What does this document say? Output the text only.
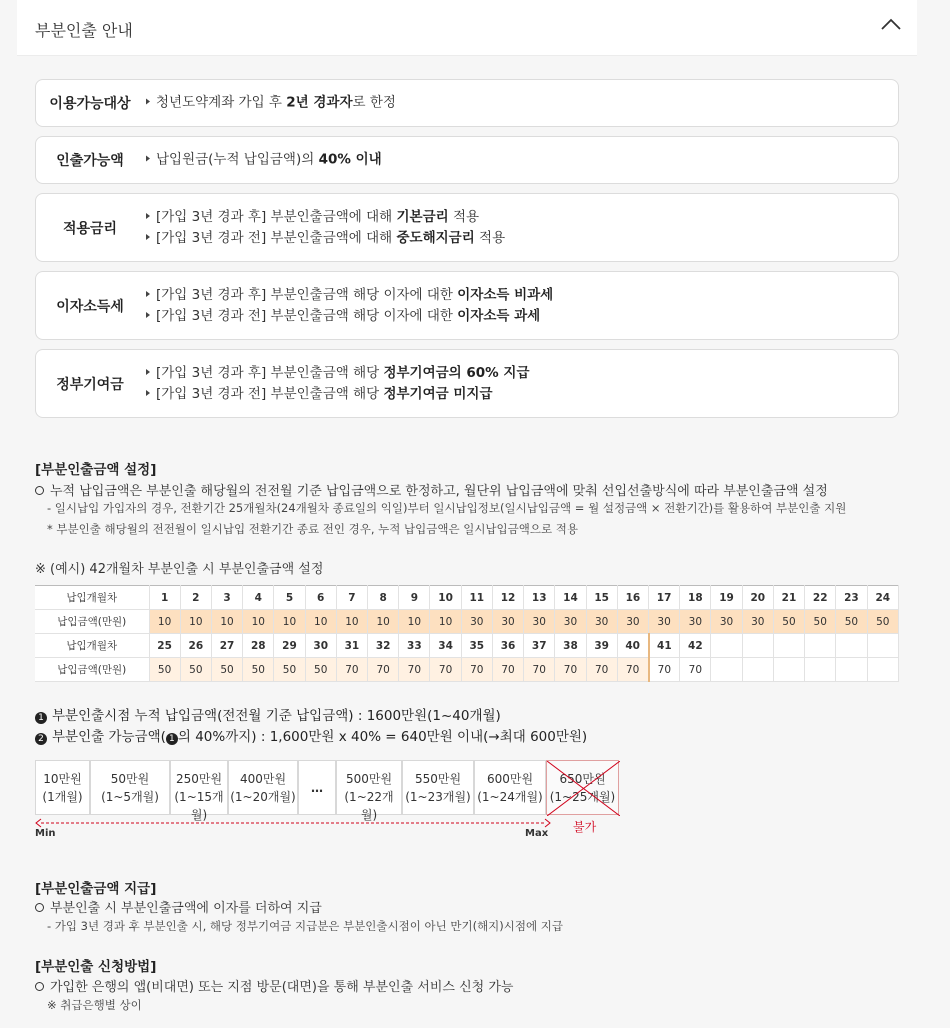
부분인출 안내
이용가능대상	청년도약계좌 가입 후 2년 경과자로 한정
인출가능액	납입원금(누적 납입금액)의 40% 이내
적용금리
[가입 3년 경과 후] 부분인출금액에 대해 기본금리 적용
[가입 3년 경과 전] 부분인출금액에 대해 중도해지금리 적용
이자소득세
[가입 3년 경과 후] 부분인출금액 해당 이자에 대한 이자소득 비과세
[가입 3년 경과 전] 부분인출금액 해당 이자에 대한 이자소득 과세
정부기여금
[가입 3년 경과 후] 부분인출금액 해당 정부기여금의 60% 지급
[가입 3년 경과 전] 부분인출금액 해당 정부기여금 미지급
[부분인출금액 설정]
누적 납입금액은 부분인출 해당월의 전전월 기준 납입금액으로 한정하고, 월단위 납입금액에 맞춰 선입선출방식에 따라 부분인출금액 설정
- 일시납입 가입자의 경우, 전환기간 25개월차(24개월차 종료일의 익일)부터 일시납입정보(일시납입금액 = 월 설정금액 × 전환기간)를 활용하여 부분인출 지원
* 부분인출 해당월의 전전월이 일시납입 전환기간 종료 전인 경우, 누적 납입금액은 일시납입금액으로 적용
※ (예시) 42개월차 부분인출 시 부분인출금액 설정
납입개월차	1	2	3	4	5	6	7	8	9	10	11	12	13	14	15	16	17	18	19	20	21	22	23	24
납입금액(만원)	10	10	10	10	10	10	10	10	10	10	30	30	30	30	30	30	30	30	30	30	50	50	50	50
납입개월차	25	26	27	28	29	30	31	32	33	34	35	36	37	38	39	40	41	42						
납입금액(만원)	50	50	50	50	50	50	70	70	70	70	70	70	70	70	70	70	70	70						
1 부분인출시점 누적 납입금액(전전월 기준 납입금액) : 1600만원(1~40개월)
2 부분인출 가능금액( 1 의 40%까지) : 1,600만원 x 40% = 640만원 이내(→최대 600만원)
10만원
(1개월)
50만원
(1~5개월)
250만원
(1~15개월)
400만원
(1~20개월)
…
500만원
(1~22개월)
550만원
(1~23개월)
600만원
(1~24개월)
650만원
(1~25개월)
Min	Max 불가
[부분인출금액 지급]
부분인출 시 부분인출금액에 이자를 더하여 지급
- 가입 3년 경과 후 부분인출 시, 해당 정부기여금 지급분은 부분인출시점이 아닌 만기(해지)시점에 지급
[부분인출 신청방법]
가입한 은행의 앱(비대면) 또는 지점 방문(대면)을 통해 부분인출 서비스 신청 가능
※ 취급은행별 상이
